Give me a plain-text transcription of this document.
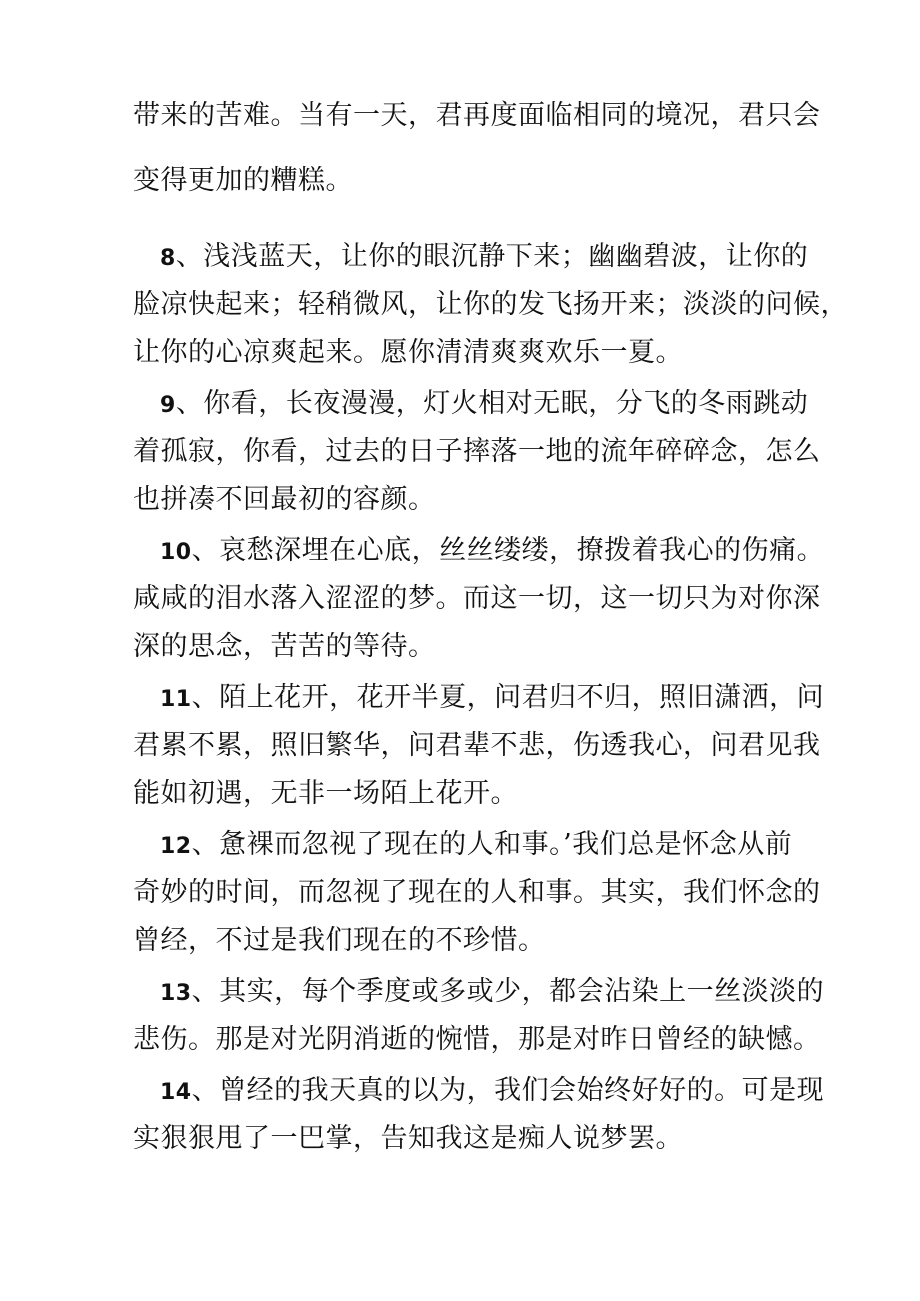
带来的苦难。当有一天，君再度面临相同的境况，君只会
变得更加的糟糕。
8、浅浅蓝天，让你的眼沉静下来；幽幽碧波，让你的
脸凉快起来；轻稍微风，让你的发飞扬开来；淡淡的问候，
让你的心凉爽起来。愿你清清爽爽欢乐一夏。
9、你看，长夜漫漫，灯火相对无眠，分飞的冬雨跳动
着孤寂，你看，过去的日子摔落一地的流年碎碎念，怎么
也拼凑不回最初的容颜。
10、哀愁深埋在心底，丝丝缕缕，撩拨着我心的伤痛。
咸咸的泪水落入涩涩的梦。而这一切，这一切只为对你深
深的思念，苦苦的等待。
11、陌上花开，花开半夏，问君归不归，照旧潇洒，问
君累不累，照旧繁华，问君辈不悲，伤透我心，问君见我
能如初遇，无非一场陌上花开。
12、惫裸而忽视了现在的人和事。’我们总是怀念从前
奇妙的时间，而忽视了现在的人和事。其实，我们怀念的
曾经，不过是我们现在的不珍惜。
13、其实，每个季度或多或少，都会沾染上一丝淡淡的
悲伤。那是对光阴消逝的惋惜，那是对昨日曾经的缺憾。
14、曾经的我天真的以为，我们会始终好好的。可是现
实狠狠甩了一巴掌，告知我这是痴人说梦罢。
